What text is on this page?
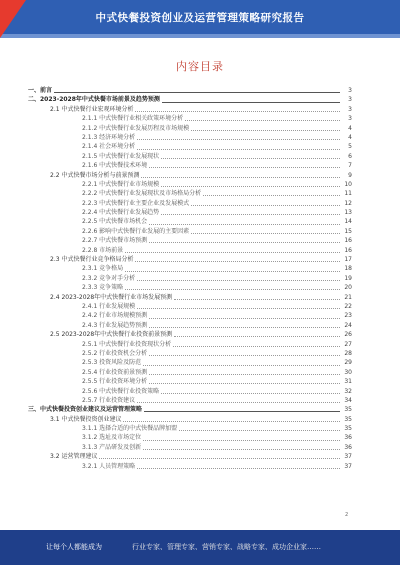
中式快餐投资创业及运营管理策略研究报告
内容目录
一、前言	3
二、2023-2028年中式快餐市场前景及趋势预测	3
2.1 中式快餐行业宏观环境分析	3
2.1.1 中式快餐行业相关政策环境分析	3
2.1.2 中式快餐行业发展历程及市场规模	4
2.1.3 经济环境分析	4
2.1.4 社会环境分析	5
2.1.5 中式快餐行业发展现状	6
2.1.6 中式快餐技术环境	7
2.2 中式快餐市场分析与前景预测	9
2.2.1 中式快餐行业市场规模	10
2.2.2 中式快餐行业发展现状及市场格局分析	11
2.2.3 中式快餐行业主要企业及发展模式	12
2.2.4 中式快餐行业发展趋势	13
2.2.5 中式快餐市场机会	14
2.2.6 影响中式快餐行业发展的主要因素	15
2.2.7 中式快餐市场预测	16
2.2.8 市场前景	16
2.3 中式快餐行业竞争格局分析	17
2.3.1 竞争格局	18
2.3.2 竞争对手分析	19
2.3.3 竞争策略	20
2.4 2023-2028年中式快餐行业市场发展预测	21
2.4.1 行业发展规模	22
2.4.2 行业市场规模预测	23
2.4.3 行业发展趋势预测	24
2.5 2023-2028年中式快餐行业投资前景预测	26
2.5.1 中式快餐行业投资现状分析	27
2.5.2 行业投资机会分析	28
2.5.3 投资风险及防范	29
2.5.4 行业投资前景预测	30
2.5.5 行业投资环境分析	31
2.5.6 中式快餐行业投资策略	32
2.5.7 行业投资建议	34
三、中式快餐投资创业建议及运营管理策略	35
3.1 中式快餐投资创业建议	35
3.1.1 选择合适的中式快餐品牌加盟	35
3.1.2 选址及市场定位	36
3.1.3 产品研发及创新	36
3.2 运营管理建议	37
3.2.1 人员管理策略	37
2
让每个人都能成为	行业专家、管理专家、营销专家、战略专家、成功企业家……
